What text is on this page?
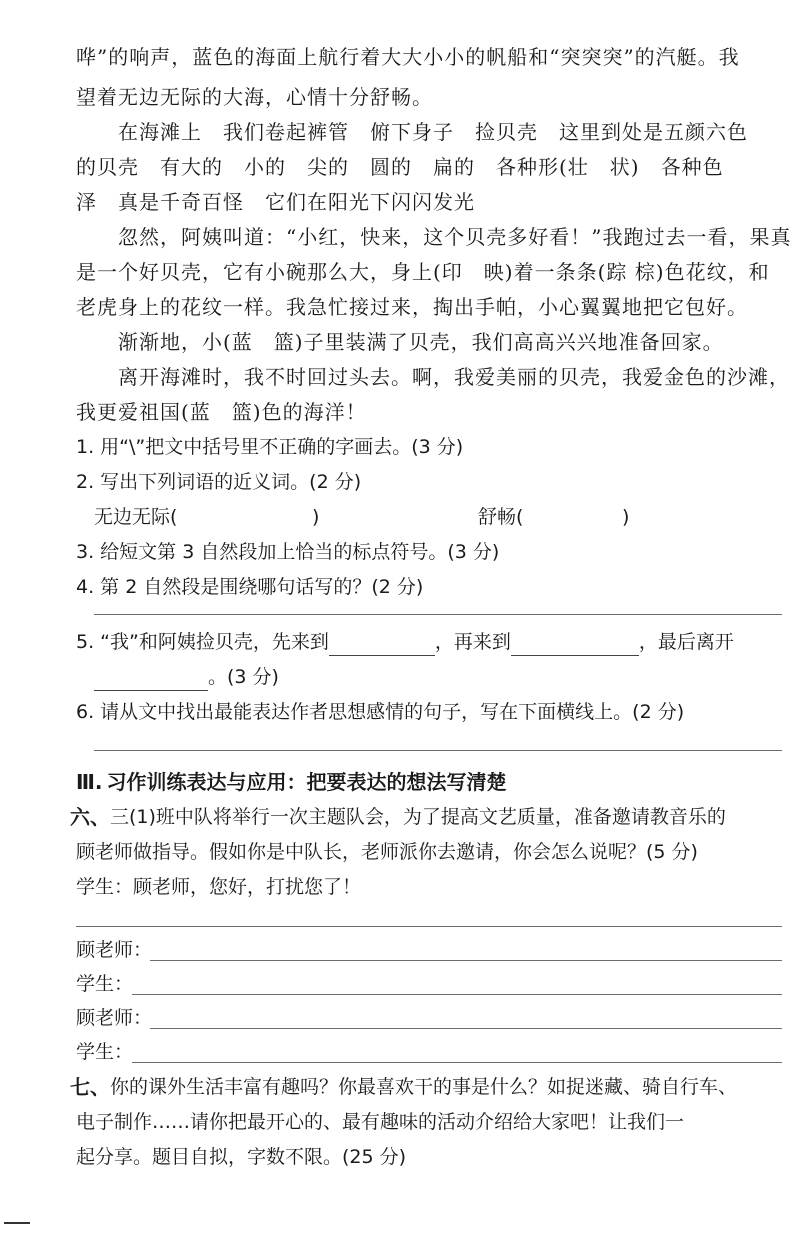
哗”的响声，蓝色的海面上航行着大大小小的帆船和“突突突”的汽艇。我
望着无边无际的大海，心情十分舒畅。
在海滩上　我们卷起裤管　俯下身子　捡贝壳　这里到处是五颜六色
的贝壳　有大的　小的　尖的　圆的　扁的　各种形(壮　状)　各种色
泽　真是千奇百怪　它们在阳光下闪闪发光
忽然，阿姨叫道：“小红，快来，这个贝壳多好看！”我跑过去一看，果真
是一个好贝壳，它有小碗那么大，身上(印　映)着一条条(踪 棕)色花纹，和
老虎身上的花纹一样。我急忙接过来，掏出手帕，小心翼翼地把它包好。
渐渐地，小(蓝　篮)子里装满了贝壳，我们高高兴兴地准备回家。
离开海滩时，我不时回过头去。啊，我爱美丽的贝壳，我爱金色的沙滩，
我更爱祖国(蓝　篮)色的海洋！
1. 用“\”把文中括号里不正确的字画去。(3 分)
2. 写出下列词语的近义词。(2 分)
无边无际(	)	舒畅(	)
3. 给短文第 3 自然段加上恰当的标点符号。(3 分)
4. 第 2 自然段是围绕哪句话写的？(2 分)
5. “我”和阿姨捡贝壳，先来到	，再来到	，最后离开
。(3 分)
6. 请从文中找出最能表达作者思想感情的句子，写在下面横线上。(2 分)
Ⅲ. 习作训练表达与应用：把要表达的想法写清楚
六、 三(1)班中队将举行一次主题队会，为了提高文艺质量，准备邀请教音乐的
顾老师做指导。假如你是中队长，老师派你去邀请，你会怎么说呢？(5 分)
学生：顾老师，您好，打扰您了！
顾老师：
学生：
顾老师：
学生：
七、 你的课外生活丰富有趣吗？你最喜欢干的事是什么？如捉迷藏、骑自行车、
电子制作……请你把最开心的、最有趣味的活动介绍给大家吧！让我们一
起分享。题目自拟，字数不限。(25 分)
